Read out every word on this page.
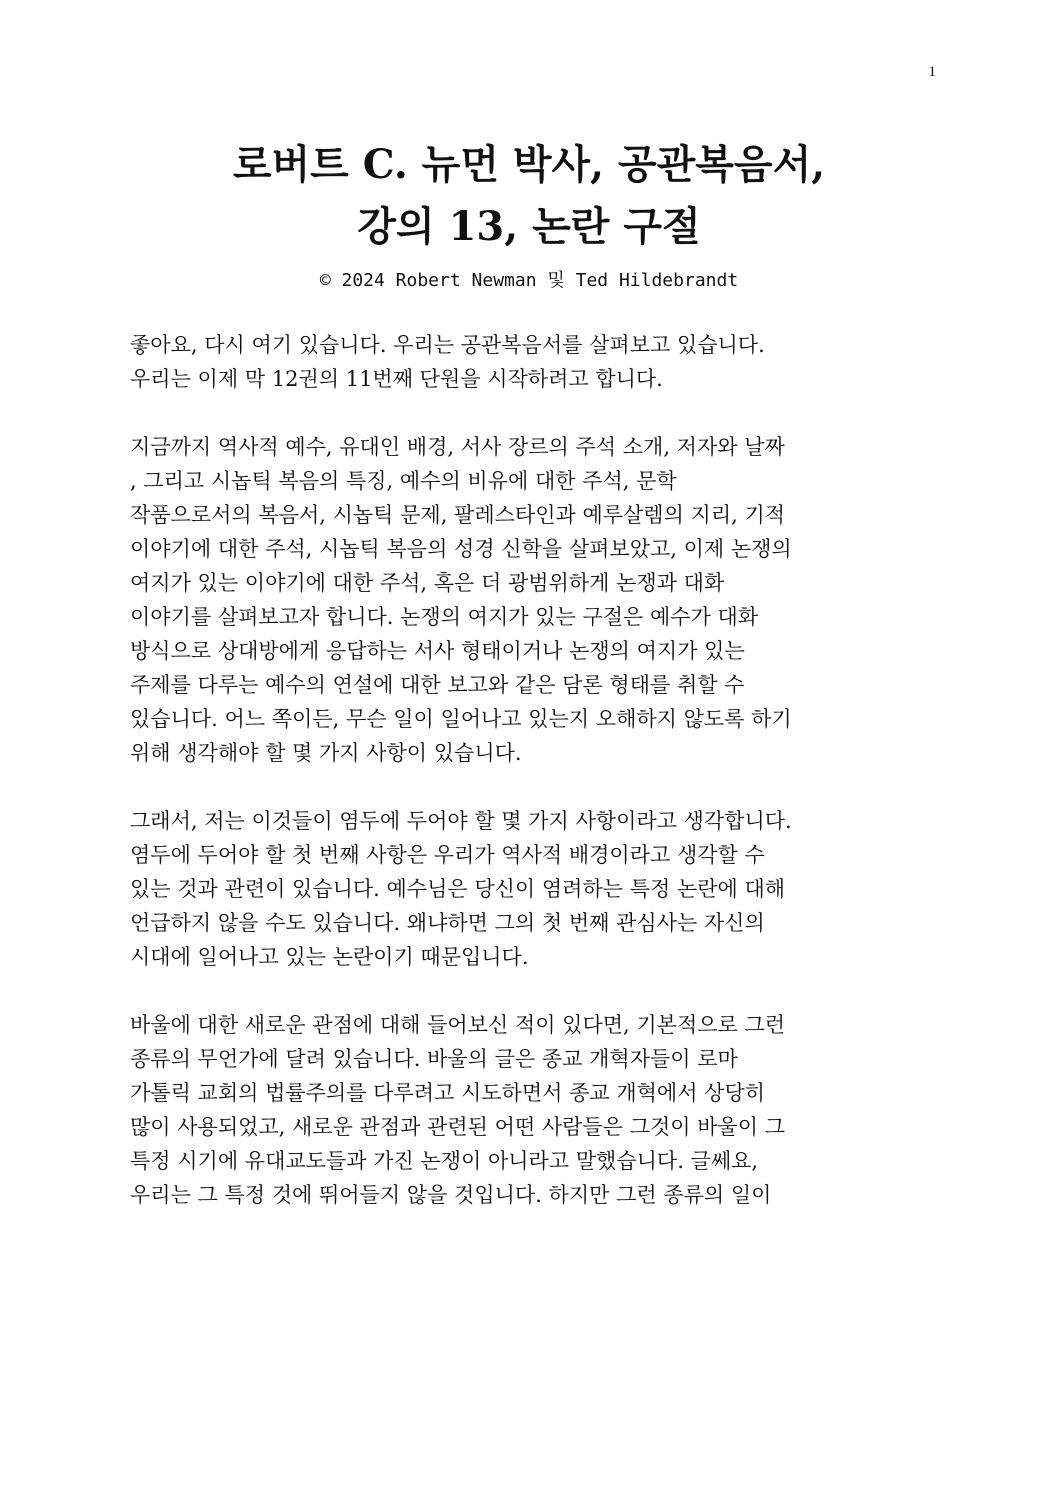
1
로버트 C. 뉴먼 박사, 공관복음서,
강의 13, 논란 구절
© 2024 Robert Newman 및 Ted Hildebrandt

좋아요, 다시 여기 있습니다. 우리는 공관복음서를 살펴보고 있습니다.
우리는 이제 막 12권의 11번째 단원을 시작하려고 합니다.

지금까지 역사적 예수, 유대인 배경, 서사 장르의 주석 소개, 저자와 날짜
, 그리고 시놉틱 복음의 특징, 예수의 비유에 대한 주석, 문학
작품으로서의 복음서, 시놉틱 문제, 팔레스타인과 예루살렘의 지리, 기적
이야기에 대한 주석, 시놉틱 복음의 성경 신학을 살펴보았고, 이제 논쟁의
여지가 있는 이야기에 대한 주석, 혹은 더 광범위하게 논쟁과 대화
이야기를 살펴보고자 합니다. 논쟁의 여지가 있는 구절은 예수가 대화
방식으로 상대방에게 응답하는 서사 형태이거나 논쟁의 여지가 있는
주제를 다루는 예수의 연설에 대한 보고와 같은 담론 형태를 취할 수
있습니다. 어느 쪽이든, 무슨 일이 일어나고 있는지 오해하지 않도록 하기
위해 생각해야 할 몇 가지 사항이 있습니다.

그래서, 저는 이것들이 염두에 두어야 할 몇 가지 사항이라고 생각합니다.
염두에 두어야 할 첫 번째 사항은 우리가 역사적 배경이라고 생각할 수
있는 것과 관련이 있습니다. 예수님은 당신이 염려하는 특정 논란에 대해
언급하지 않을 수도 있습니다. 왜냐하면 그의 첫 번째 관심사는 자신의
시대에 일어나고 있는 논란이기 때문입니다.

바울에 대한 새로운 관점에 대해 들어보신 적이 있다면, 기본적으로 그런
종류의 무언가에 달려 있습니다. 바울의 글은 종교 개혁자들이 로마
가톨릭 교회의 법률주의를 다루려고 시도하면서 종교 개혁에서 상당히
많이 사용되었고, 새로운 관점과 관련된 어떤 사람들은 그것이 바울이 그
특정 시기에 유대교도들과 가진 논쟁이 아니라고 말했습니다. 글쎄요,
우리는 그 특정 것에 뛰어들지 않을 것입니다. 하지만 그런 종류의 일이
